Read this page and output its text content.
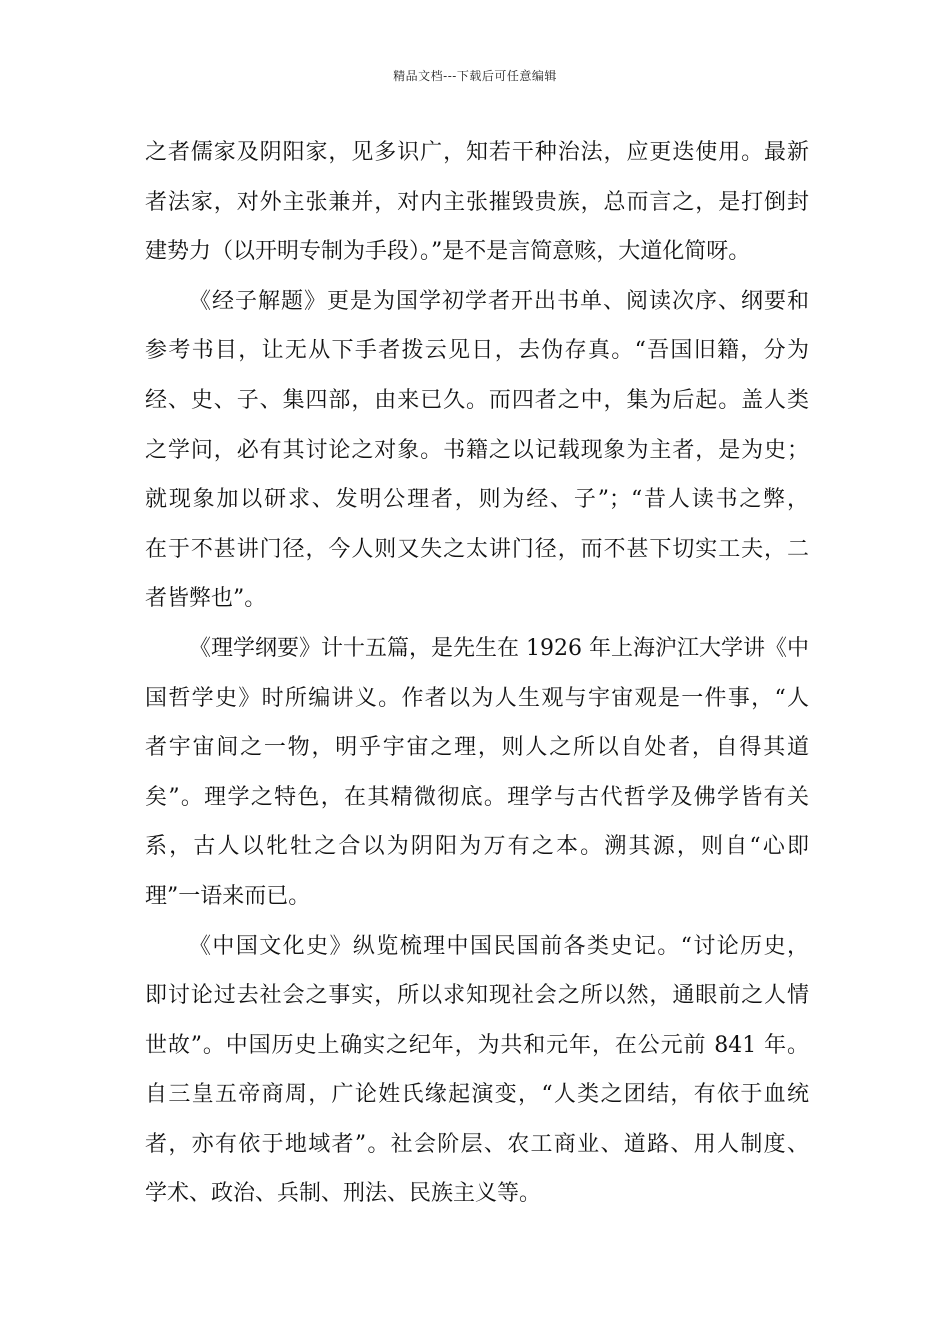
精品文档---下载后可任意编辑
之者儒家及阴阳家，见多识广，知若干种治法，应更迭使用。最新
者法家，对外主张兼并，对内主张摧毁贵族，总而言之，是打倒封
建势力（以开明专制为手段）。”是不是言简意赅，大道化简呀。
《经子解题》更是为国学初学者开出书单、阅读次序、纲要和
参考书目，让无从下手者拨云见日，去伪存真。“吾国旧籍，分为
经、史、子、集四部，由来已久。而四者之中，集为后起。盖人类
之学问，必有其讨论之对象。书籍之以记载现象为主者，是为史；
就现象加以研求、发明公理者，则为经、子”；“昔人读书之弊，
在于不甚讲门径，今人则又失之太讲门径，而不甚下切实工夫，二
者皆弊也”。
《理学纲要》计十五篇，是先生在 1926 年上海沪江大学讲《中
国哲学史》时所编讲义。作者以为人生观与宇宙观是一件事，“人
者宇宙间之一物，明乎宇宙之理，则人之所以自处者，自得其道
矣”。理学之特色，在其精微彻底。理学与古代哲学及佛学皆有关
系，古人以牝牡之合以为阴阳为万有之本。溯其源，则自“心即
理”一语来而已。
《中国文化史》纵览梳理中国民国前各类史记。“讨论历史，
即讨论过去社会之事实，所以求知现社会之所以然，通眼前之人情
世故”。中国历史上确实之纪年，为共和元年，在公元前 841 年。
自三皇五帝商周，广论姓氏缘起演变，“人类之团结，有依于血统
者，亦有依于地域者”。社会阶层、农工商业、道路、用人制度、
学术、政治、兵制、刑法、民族主义等。
